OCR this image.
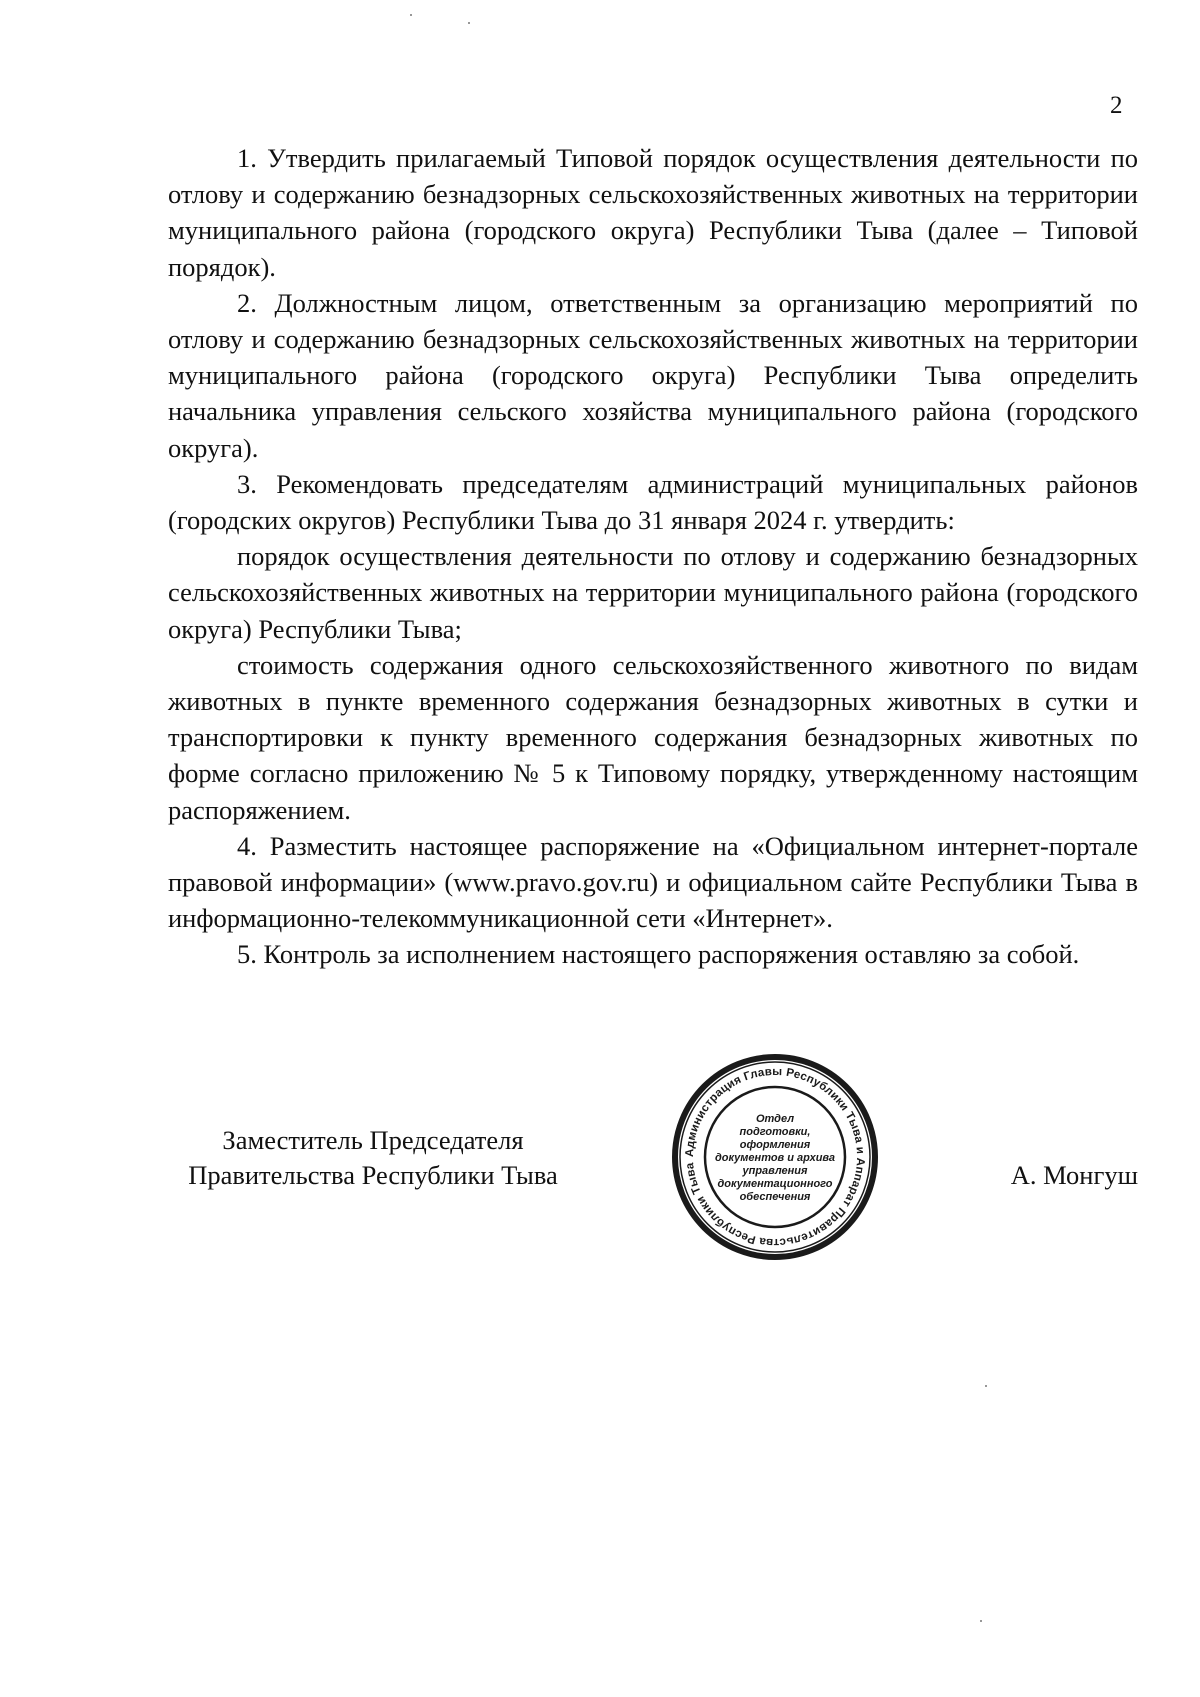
2

1. Утвердить прилагаемый Типовой порядок осуществления деятельности по отлову и содержанию безнадзорных сельскохозяйственных животных на территории муниципального района (городского округа) Республики Тыва (далее – Типовой порядок).

2. Должностным лицом, ответственным за организацию мероприятий по отлову и содержанию безнадзорных сельскохозяйственных животных на территории муниципального района (городского округа) Республики Тыва определить начальника управления сельского хозяйства муниципального района (городского округа).

3. Рекомендовать председателям администраций муниципальных районов (городских округов) Республики Тыва до 31 января 2024 г. утвердить:

порядок осуществления деятельности по отлову и содержанию безнадзорных сельскохозяйственных животных на территории муниципального района (городского округа) Республики Тыва;

стоимость содержания одного сельскохозяйственного животного по видам животных в пункте временного содержания безнадзорных животных в сутки и транспортировки к пункту временного содержания безнадзорных животных по форме согласно приложению № 5 к Типовому порядку, утвержденному настоящим распоряжением.

4. Разместить настоящее распоряжение на «Официальном интернет-портале правовой информации» (www.pravo.gov.ru) и официальном сайте Республики Тыва в информационно-телекоммуникационной сети «Интернет».

5. Контроль за исполнением настоящего распоряжения оставляю за собой.

Заместитель Председателя
Правительства Республики Тыва	А. Монгуш
Администрация Главы Республики Тыва и Аппарат Правительства Республики Тыва
Отдел
подготовки,
оформления
документов и архива
управления
документационного
обеспечения
